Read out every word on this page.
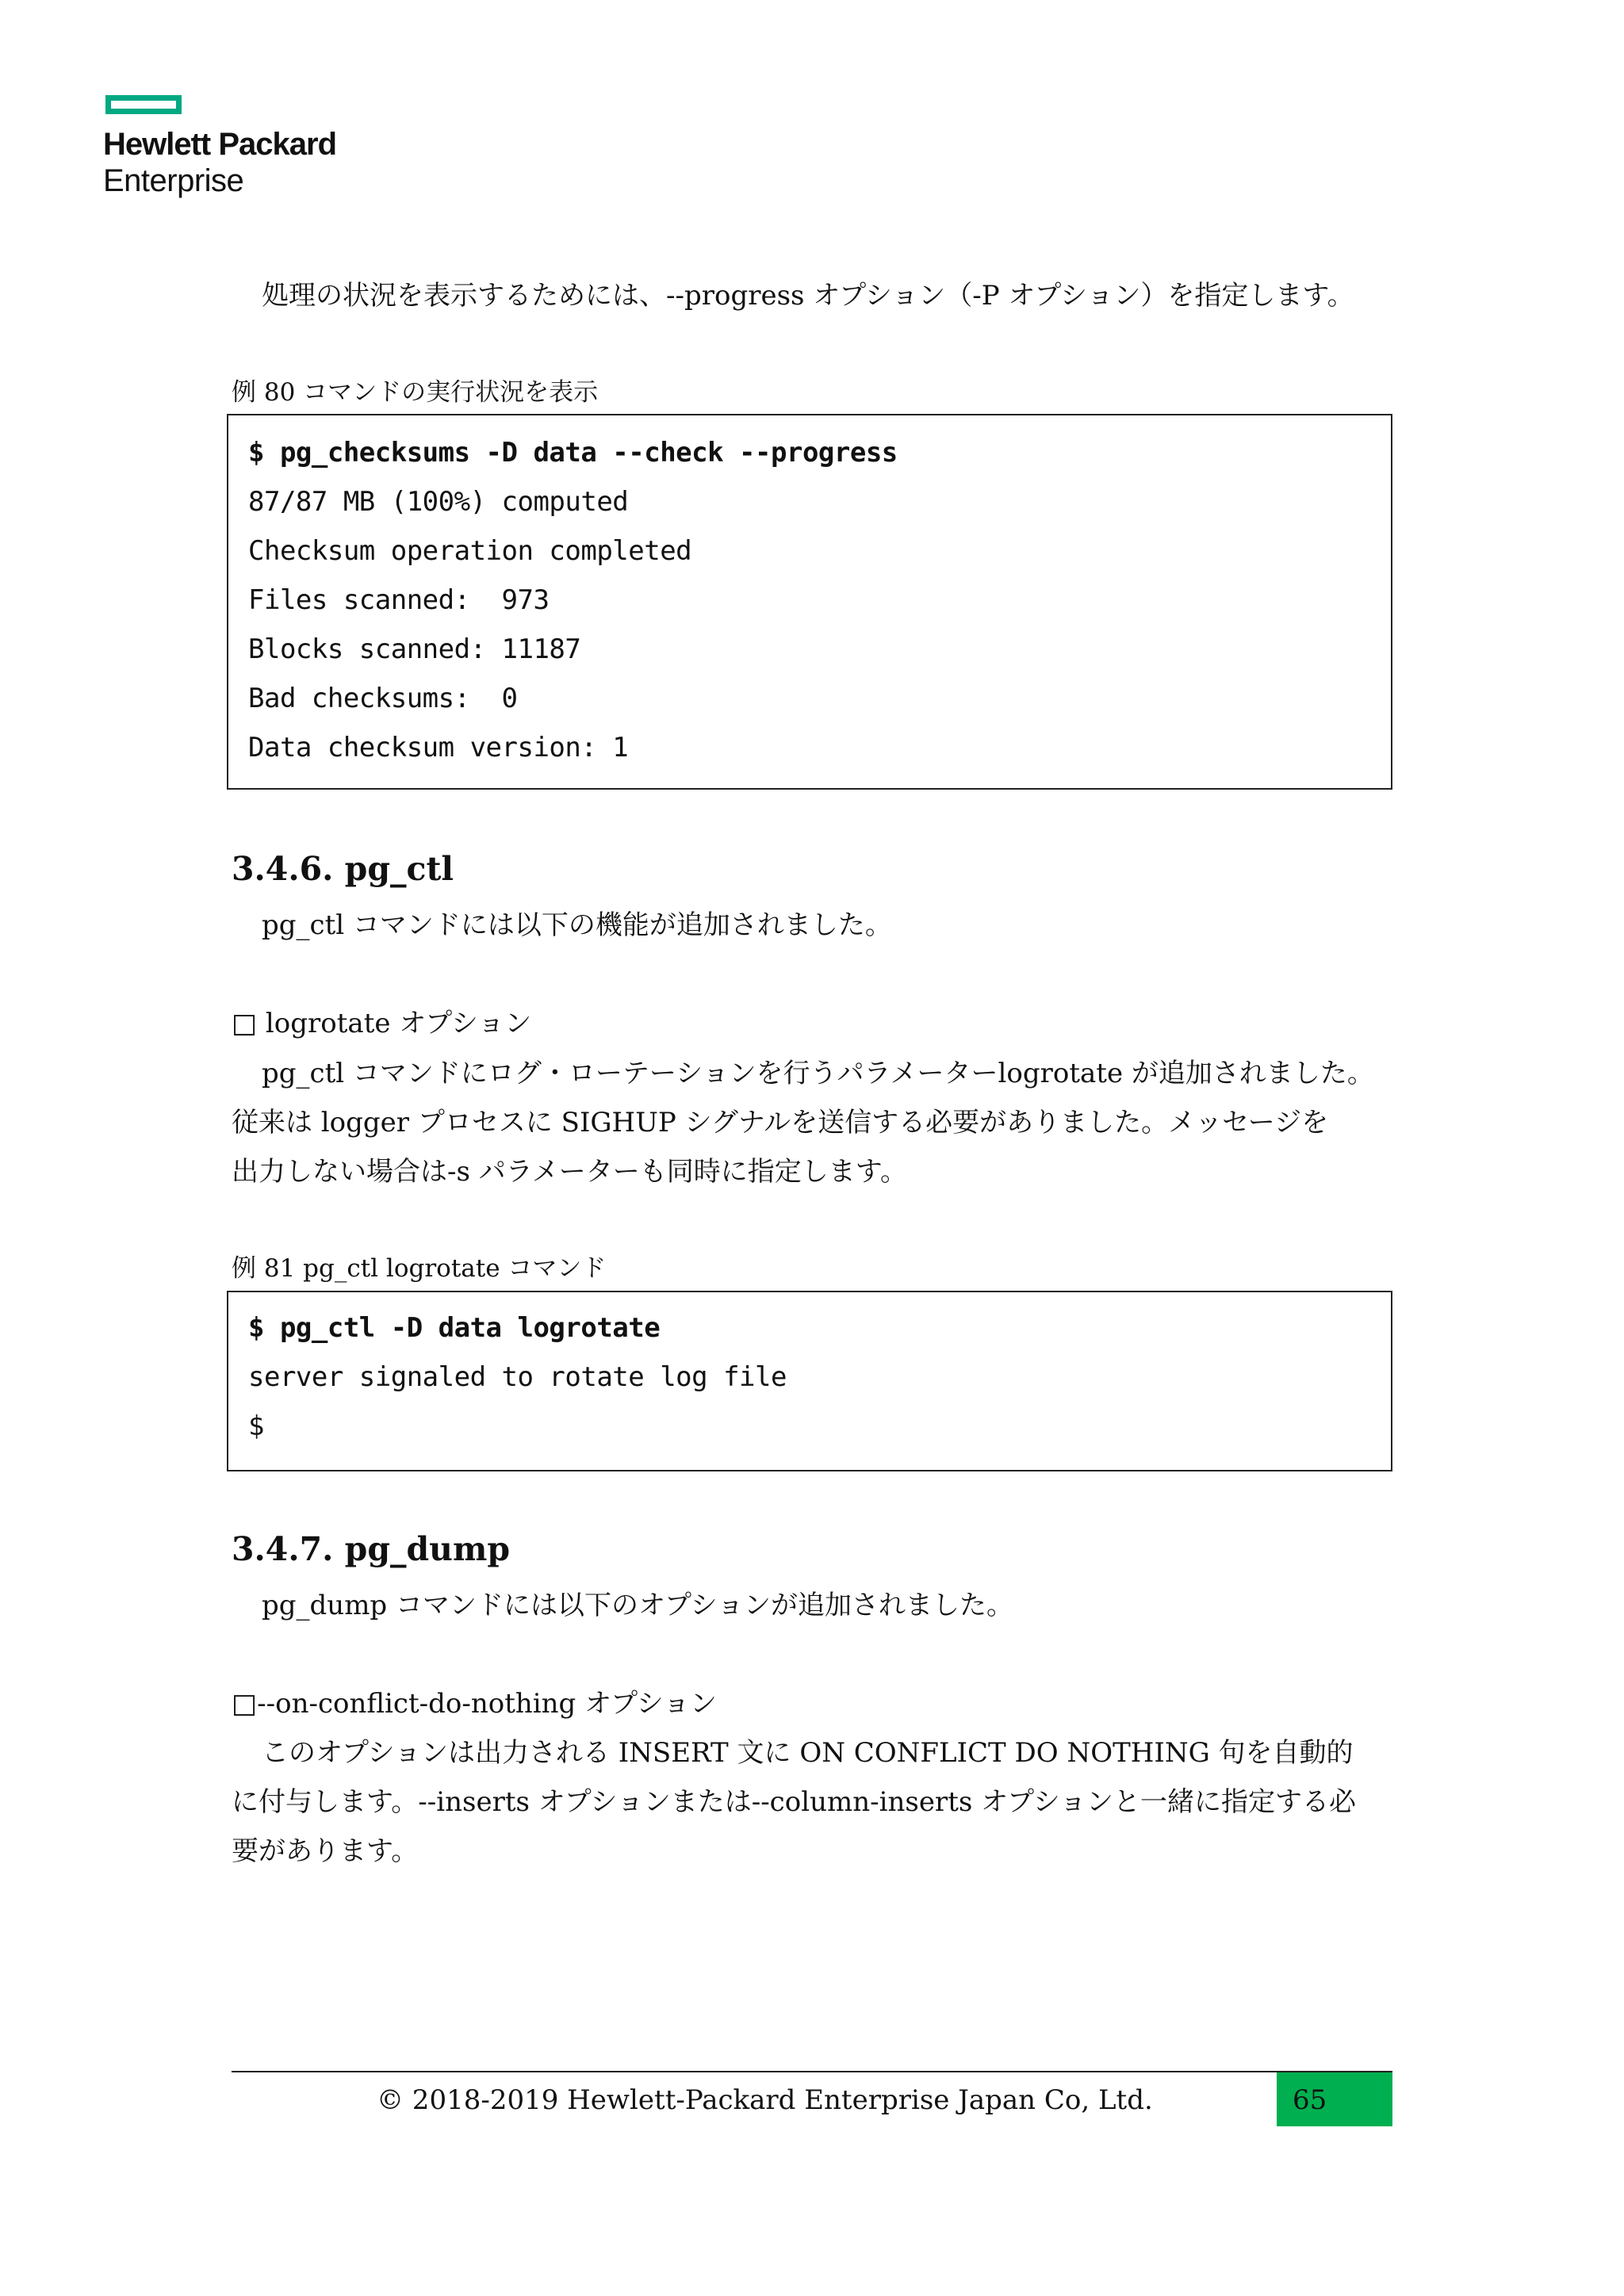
Hewlett Packard
Enterprise
処理の状況を表示するためには、--progress オプション（-P オプション）を指定します。
例 80 コマンドの実行状況を表示
$ pg_checksums -D data --check --progress
87/87 MB (100%) computed
Checksum operation completed
Files scanned:  973
Blocks scanned: 11187
Bad checksums:  0
Data checksum version: 1
3.4.6. pg_ctl
pg_ctl コマンドには以下の機能が追加されました。
□ logrotate オプション
pg_ctl コマンドにログ・ローテーションを行うパラメーターlogrotate が追加されました。
従来は logger プロセスに SIGHUP シグナルを送信する必要がありました。メッセージを
出力しない場合は-s パラメーターも同時に指定します。
例 81 pg_ctl logrotate コマンド
$ pg_ctl -D data logrotate
server signaled to rotate log file
$
3.4.7. pg_dump
pg_dump コマンドには以下のオプションが追加されました。
□--on-conflict-do-nothing オプション
このオプションは出力される INSERT 文に ON CONFLICT DO NOTHING 句を自動的
に付与します。--inserts オプションまたは--column-inserts オプションと一緒に指定する必
要があります。
© 2018-2019 Hewlett-Packard Enterprise Japan Co, Ltd.	65
